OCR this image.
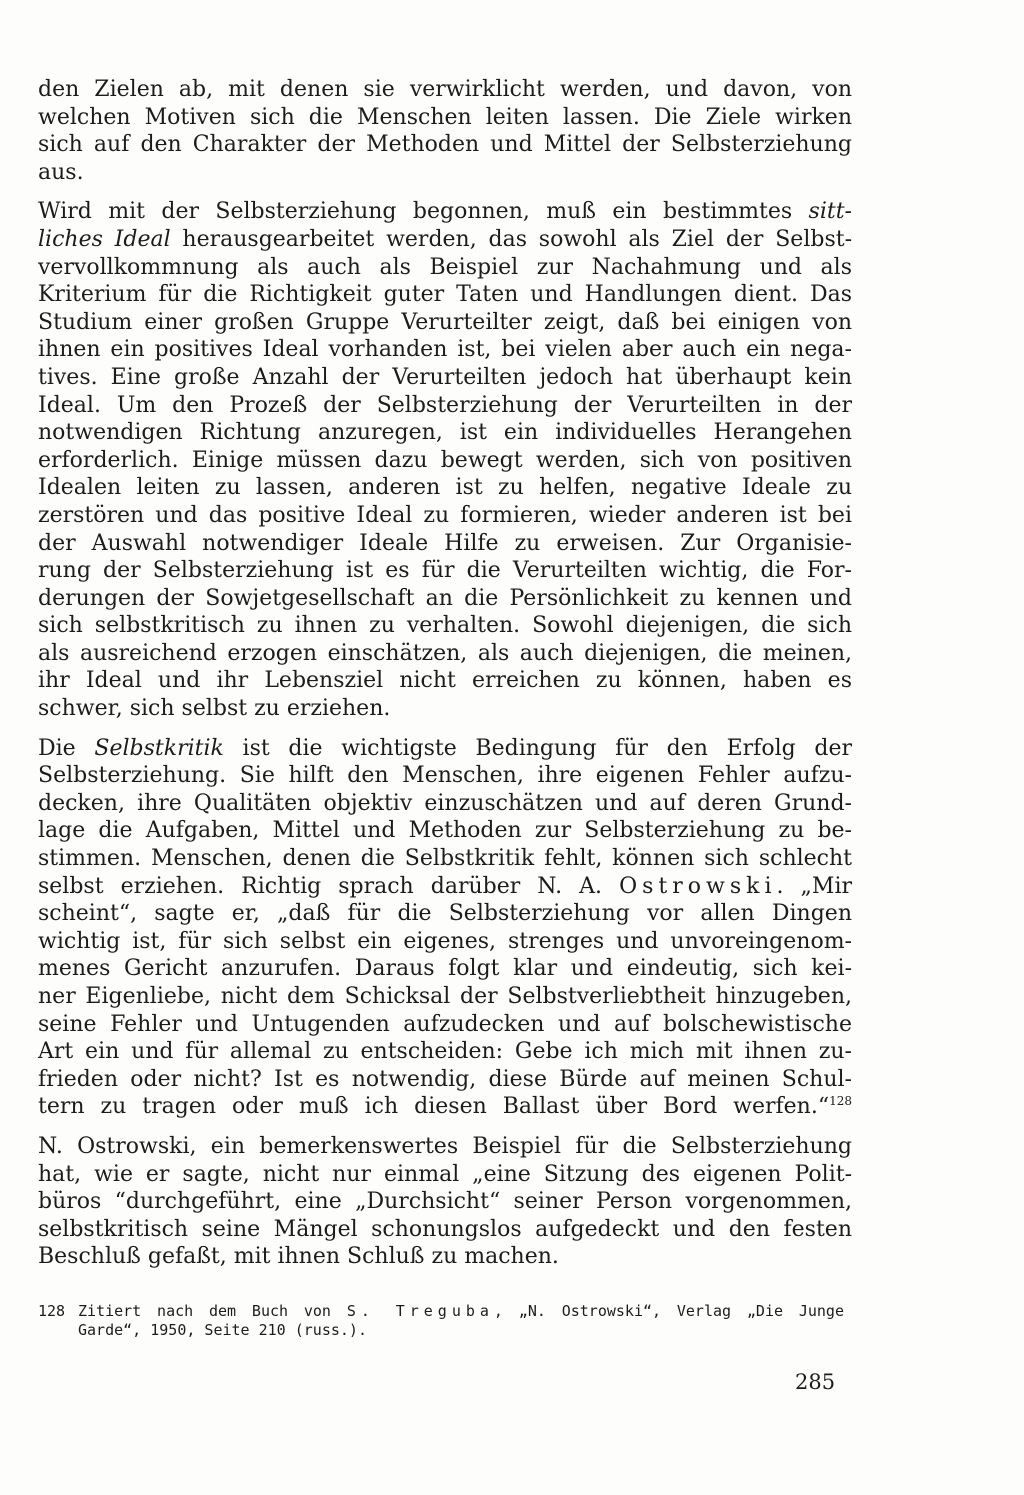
den Zielen ab, mit denen sie verwirklicht werden, und davon, von
welchen Motiven sich die Menschen leiten lassen. Die Ziele wirken
sich auf den Charakter der Methoden und Mittel der Selbsterziehung
aus.

Wird mit der Selbsterziehung begonnen, muß ein bestimmtes sitt-
liches Ideal herausgearbeitet werden, das sowohl als Ziel der Selbst-
vervollkommnung als auch als Beispiel zur Nachahmung und als
Kriterium für die Richtigkeit guter Taten und Handlungen dient. Das
Studium einer großen Gruppe Verurteilter zeigt, daß bei einigen von
ihnen ein positives Ideal vorhanden ist, bei vielen aber auch ein nega-
tives. Eine große Anzahl der Verurteilten jedoch hat überhaupt kein
Ideal. Um den Prozeß der Selbsterziehung der Verurteilten in der
notwendigen Richtung anzuregen, ist ein individuelles Herangehen
erforderlich. Einige müssen dazu bewegt werden, sich von positiven
Idealen leiten zu lassen, anderen ist zu helfen, negative Ideale zu
zerstören und das positive Ideal zu formieren, wieder anderen ist bei
der Auswahl notwendiger Ideale Hilfe zu erweisen. Zur Organisie-
rung der Selbsterziehung ist es für die Verurteilten wichtig, die For-
derungen der Sowjetgesellschaft an die Persönlichkeit zu kennen und
sich selbstkritisch zu ihnen zu verhalten. Sowohl diejenigen, die sich
als ausreichend erzogen einschätzen, als auch diejenigen, die meinen,
ihr Ideal und ihr Lebensziel nicht erreichen zu können, haben es
schwer, sich selbst zu erziehen.

Die Selbstkritik ist die wichtigste Bedingung für den Erfolg der
Selbsterziehung. Sie hilft den Menschen, ihre eigenen Fehler aufzu-
decken, ihre Qualitäten objektiv einzuschätzen und auf deren Grund-
lage die Aufgaben, Mittel und Methoden zur Selbsterziehung zu be-
stimmen. Menschen, denen die Selbstkritik fehlt, können sich schlecht
selbst erziehen. Richtig sprach darüber N. A. Ostrowski. „Mir
scheint“, sagte er, „daß für die Selbsterziehung vor allen Dingen
wichtig ist, für sich selbst ein eigenes, strenges und unvoreingenom-
menes Gericht anzurufen. Daraus folgt klar und eindeutig, sich kei-
ner Eigenliebe, nicht dem Schicksal der Selbstverliebtheit hinzugeben,
seine Fehler und Untugenden aufzudecken und auf bolschewistische
Art ein und für allemal zu entscheiden: Gebe ich mich mit ihnen zu-
frieden oder nicht? Ist es notwendig, diese Bürde auf meinen Schul-
tern zu tragen oder muß ich diesen Ballast über Bord werfen.“$^{128}$

N. Ostrowski, ein bemerkenswertes Beispiel für die Selbsterziehung
hat, wie er sagte, nicht nur einmal „eine Sitzung des eigenen Polit-
büros “durchgeführt, eine „Durchsicht“ seiner Person vorgenommen,
selbstkritisch seine Mängel schonungslos aufgedeckt und den festen
Beschluß gefaßt, mit ihnen Schluß zu machen.

128 Zitiert nach dem Buch von S. Treguba, „N. Ostrowski“, Verlag „Die Junge
Garde“, 1950, Seite 210 (russ.).
285
